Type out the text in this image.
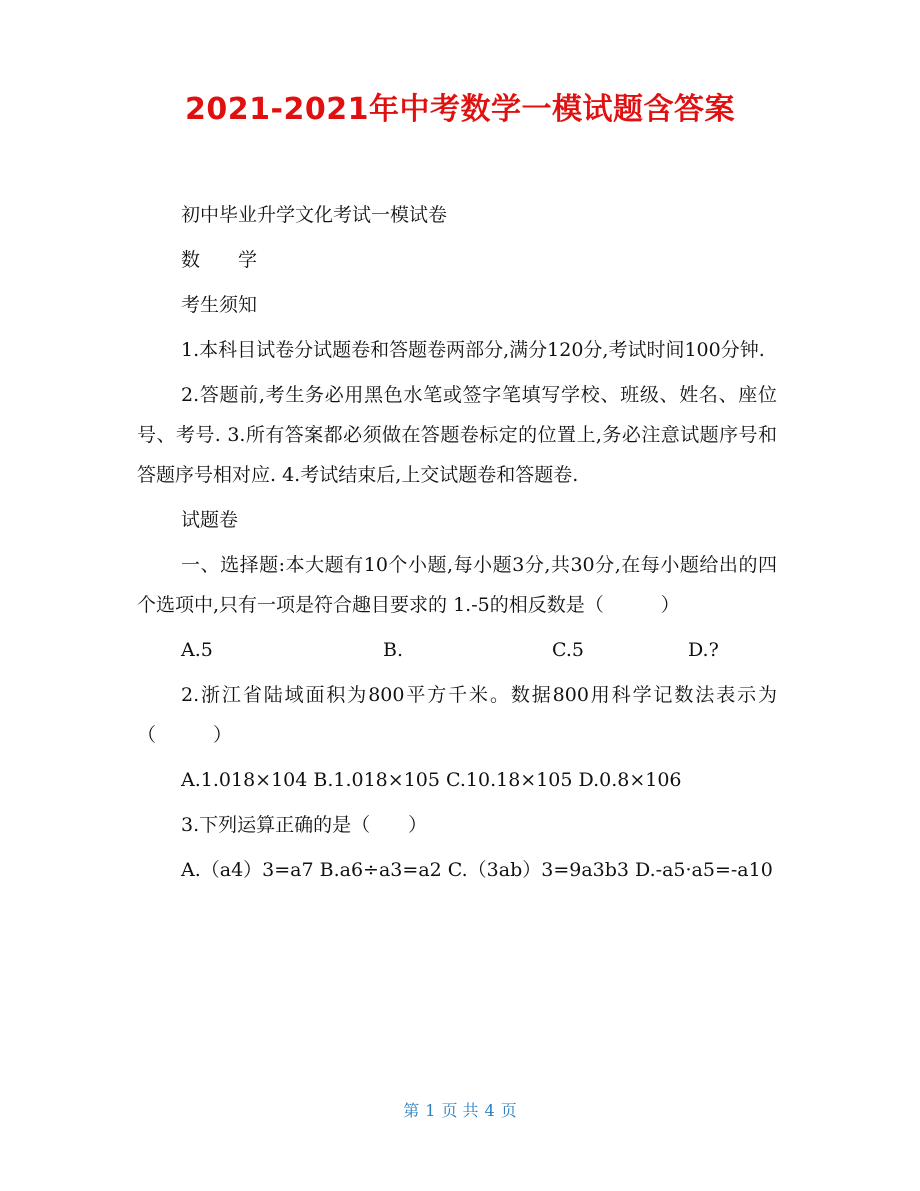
2021-2021年中考数学一模试题含答案

初中毕业升学文化考试一模试卷

数　　学

考生须知

1.本科目试卷分试题卷和答题卷两部分,满分120分,考试时间100分钟.

2.答题前,考生务必用黑色水笔或签字笔填写学校、班级、姓名、座位号、考号. 3.所有答案都必须做在答题卷标定的位置上,务必注意试题序号和答题序号相对应. 4.考试结束后,上交试题卷和答题卷.

试题卷

一、选择题:本大题有10个小题,每小题3分,共30分,在每小题给出的四个选项中,只有一项是符合趣目要求的 1.-5的相反数是（　　　）

A.5	B.	C.5	D.?

2.浙江省陆域面积为800平方千米。数据800用科学记数法表示为（　　　）

A.1.018×104 B.1.018×105 C.10.18×105 D.0.8×106

3.下列运算正确的是（　　）

A.（a4）3=a7 B.a6÷a3=a2 C.（3ab）3=9a3b3 D.-a5·a5=-a10

第 1 页 共 4 页
